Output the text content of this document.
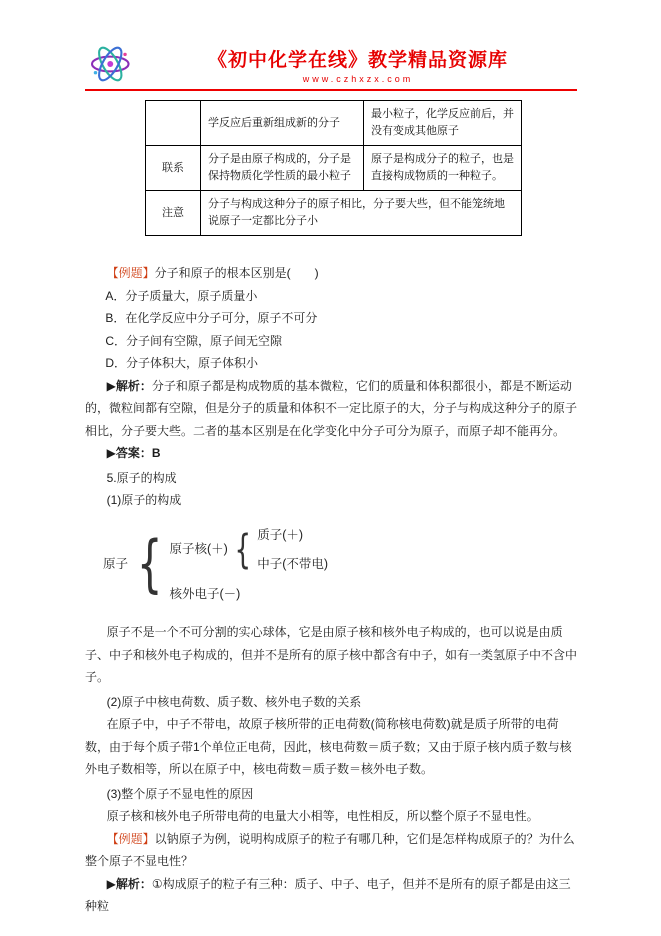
《初中化学在线》教学精品资源库
www.czhxzx.com
	学反应后重新组成新的分子	最小粒子，化学反应前后，并没有变成其他原子
联系	分子是由原子构成的，分子是保持物质化学性质的最小粒子	原子是构成分子的粒子，也是直接构成物质的一种粒子。
注意	分子与构成这种分子的原子相比，分子要大些，但不能笼统地说原子一定都比分子小	

【例题】分子和原子的根本区别是(　　)

A．分子质量大，原子质量小

B．在化学反应中分子可分，原子不可分

C．分子间有空隙，原子间无空隙

D．分子体积大，原子体积小

▶解析：分子和原子都是构成物质的基本微粒，它们的质量和体积都很小，都是不断运动的，微粒间都有空隙，但是分子的质量和体积不一定比原子的大，分子与构成这种分子的原子相比，分子要大些。二者的基本区别是在化学变化中分子可分为原子，而原子却不能再分。

▶答案：B

5.原子的构成

(1)原子的构成

原子 { 原子核(＋) { 质子(＋)
中子(不带电)
核外电子(－)

原子不是一个不可分割的实心球体，它是由原子核和核外电子构成的，也可以说是由质子、中子和核外电子构成的，但并不是所有的原子核中都含有中子，如有一类氢原子中不含中子。

(2)原子中核电荷数、质子数、核外电子数的关系

在原子中，中子不带电，故原子核所带的正电荷数(简称核电荷数)就是质子所带的电荷数，由于每个质子带1个单位正电荷，因此，核电荷数＝质子数；又由于原子核内质子数与核外电子数相等，所以在原子中，核电荷数＝质子数＝核外电子数。

(3)整个原子不显电性的原因

原子核和核外电子所带电荷的电量大小相等，电性相反，所以整个原子不显电性。

【例题】以钠原子为例，说明构成原子的粒子有哪几种，它们是怎样构成原子的？为什么整个原子不显电性？

▶解析：①构成原子的粒子有三种：质子、中子、电子，但并不是所有的原子都是由这三种粒
